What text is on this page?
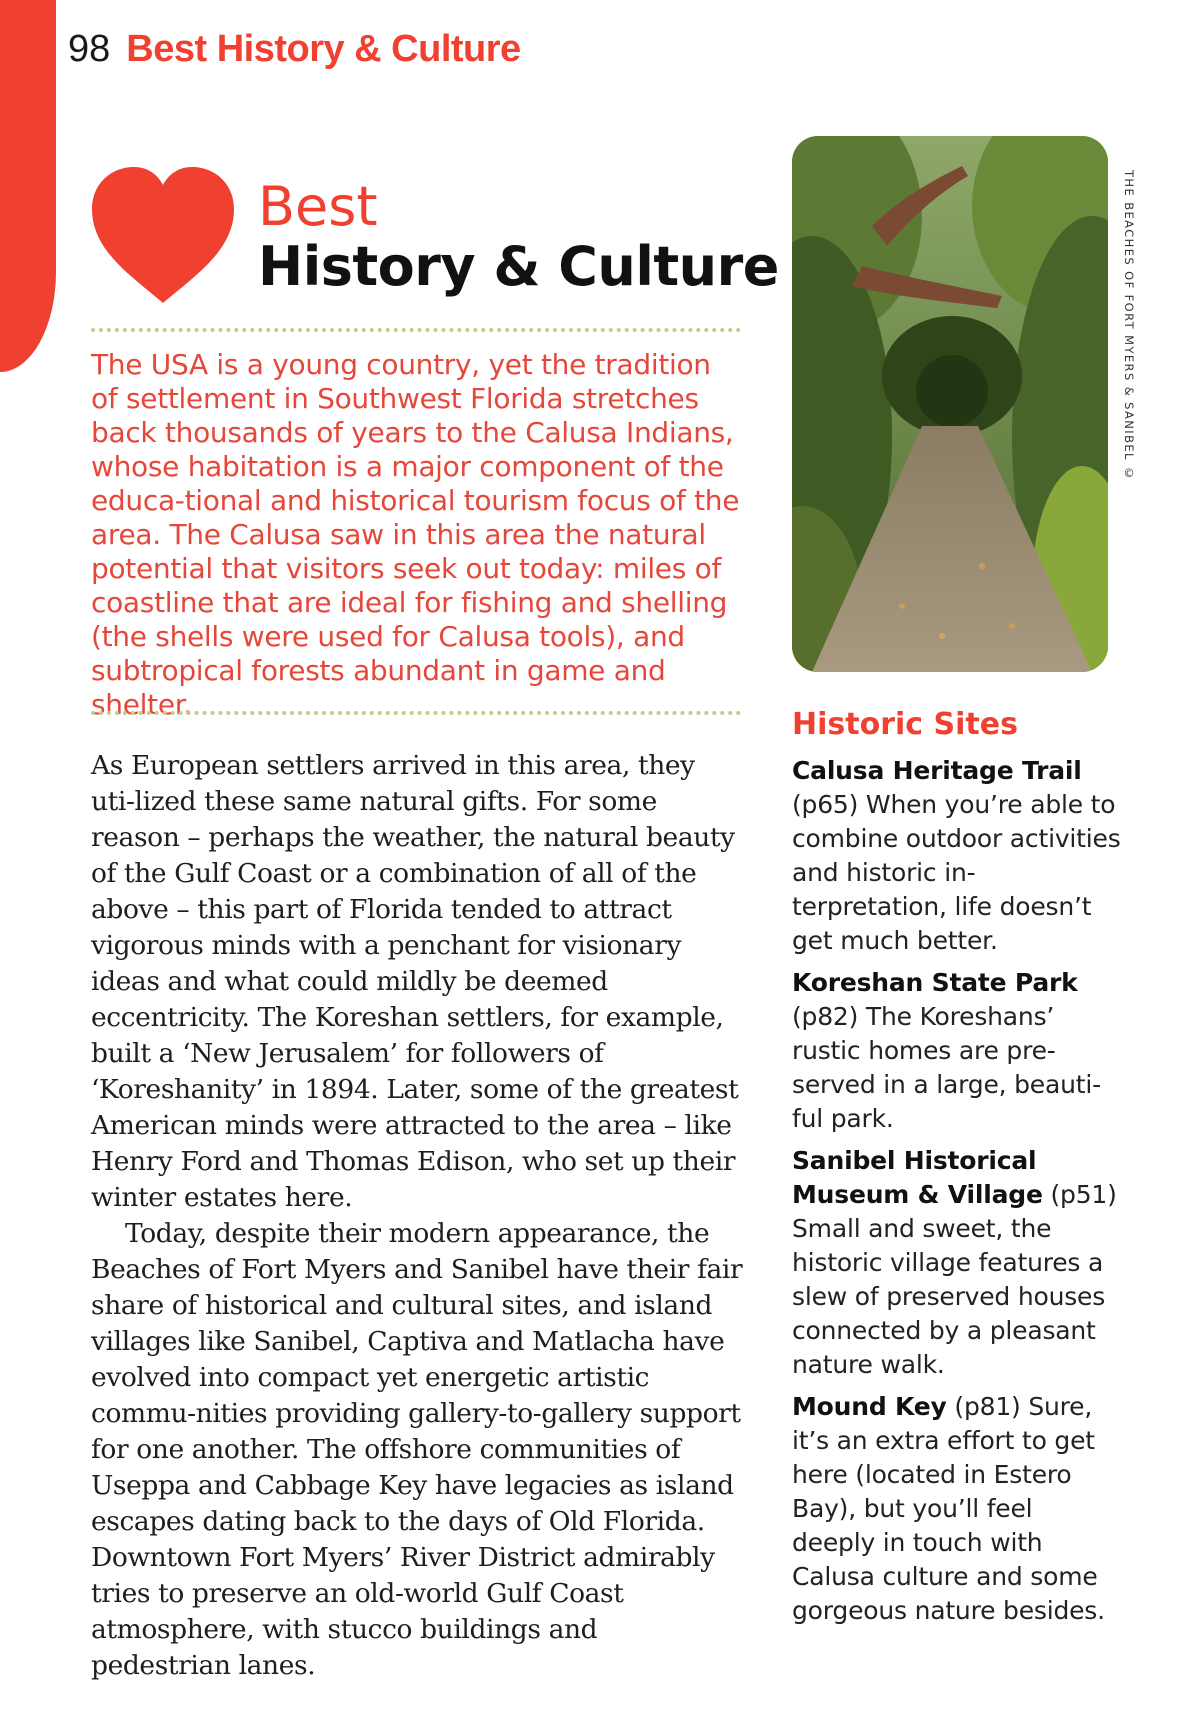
98 Best History & Culture
Best
History & Culture

The USA is a young country, yet the tradition of settlement in Southwest Florida stretches back thousands of years to the Calusa Indians, whose habitation is a major component of the educa-tional and historical tourism focus of the area. The Calusa saw in this area the natural potential that visitors seek out today: miles of coastline that are ideal for fishing and shelling (the shells were used for Calusa tools), and subtropical forests abundant in game and shelter.

As European settlers arrived in this area, they uti-lized these same natural gifts. For some reason – perhaps the weather, the natural beauty of the Gulf Coast or a combination of all of the above – this part of Florida tended to attract vigorous minds with a penchant for visionary ideas and what could mildly be deemed eccentricity. The Koreshan settlers, for example, built a ‘New Jerusalem’ for followers of ‘Koreshanity’ in 1894. Later, some of the greatest American minds were attracted to the area – like Henry Ford and Thomas Edison, who set up their winter estates here.

Today, despite their modern appearance, the Beaches of Fort Myers and Sanibel have their fair share of historical and cultural sites, and island villages like Sanibel, Captiva and Matlacha have evolved into compact yet energetic artistic commu-nities providing gallery-to-gallery support for one another. The offshore communities of Useppa and Cabbage Key have legacies as island escapes dating back to the days of Old Florida. Downtown Fort Myers’ River District admirably tries to preserve an old-world Gulf Coast atmosphere, with stucco buildings and pedestrian lanes.

THE BEACHES OF FORT MYERS & SANIBEL ©
Historic Sites

Calusa Heritage Trail (p65) When you’re able to combine outdoor activities and historic in-terpretation, life doesn’t get much better.

Koreshan State Park (p82) The Koreshans’ rustic homes are pre-served in a large, beauti-ful park.

Sanibel Historical Museum & Village (p51) Small and sweet, the historic village features a slew of preserved houses connected by a pleasant nature walk.

Mound Key (p81) Sure, it’s an extra effort to get here (located in Estero Bay), but you’ll feel deeply in touch with Calusa culture and some gorgeous nature besides.
